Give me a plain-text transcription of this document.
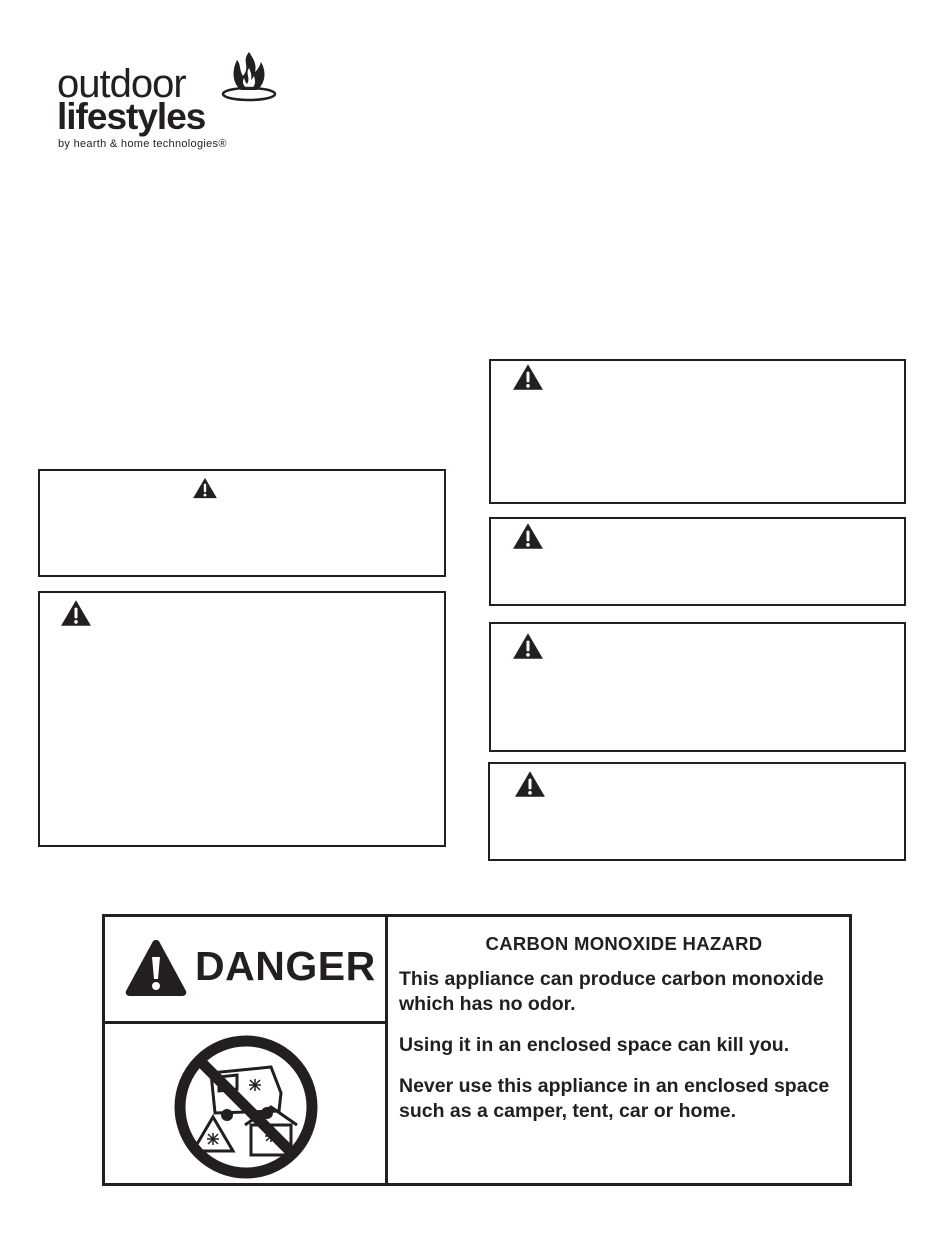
outdoor
lifestyles
by hearth & home technologies®
DANGER	CARBON MONOXIDE HAZARD

This appliance can produce carbon monoxide which has no odor.

Using it in an enclosed space can kill you.

Never use this appliance in an enclosed space such as a camper, tent, car or home.
